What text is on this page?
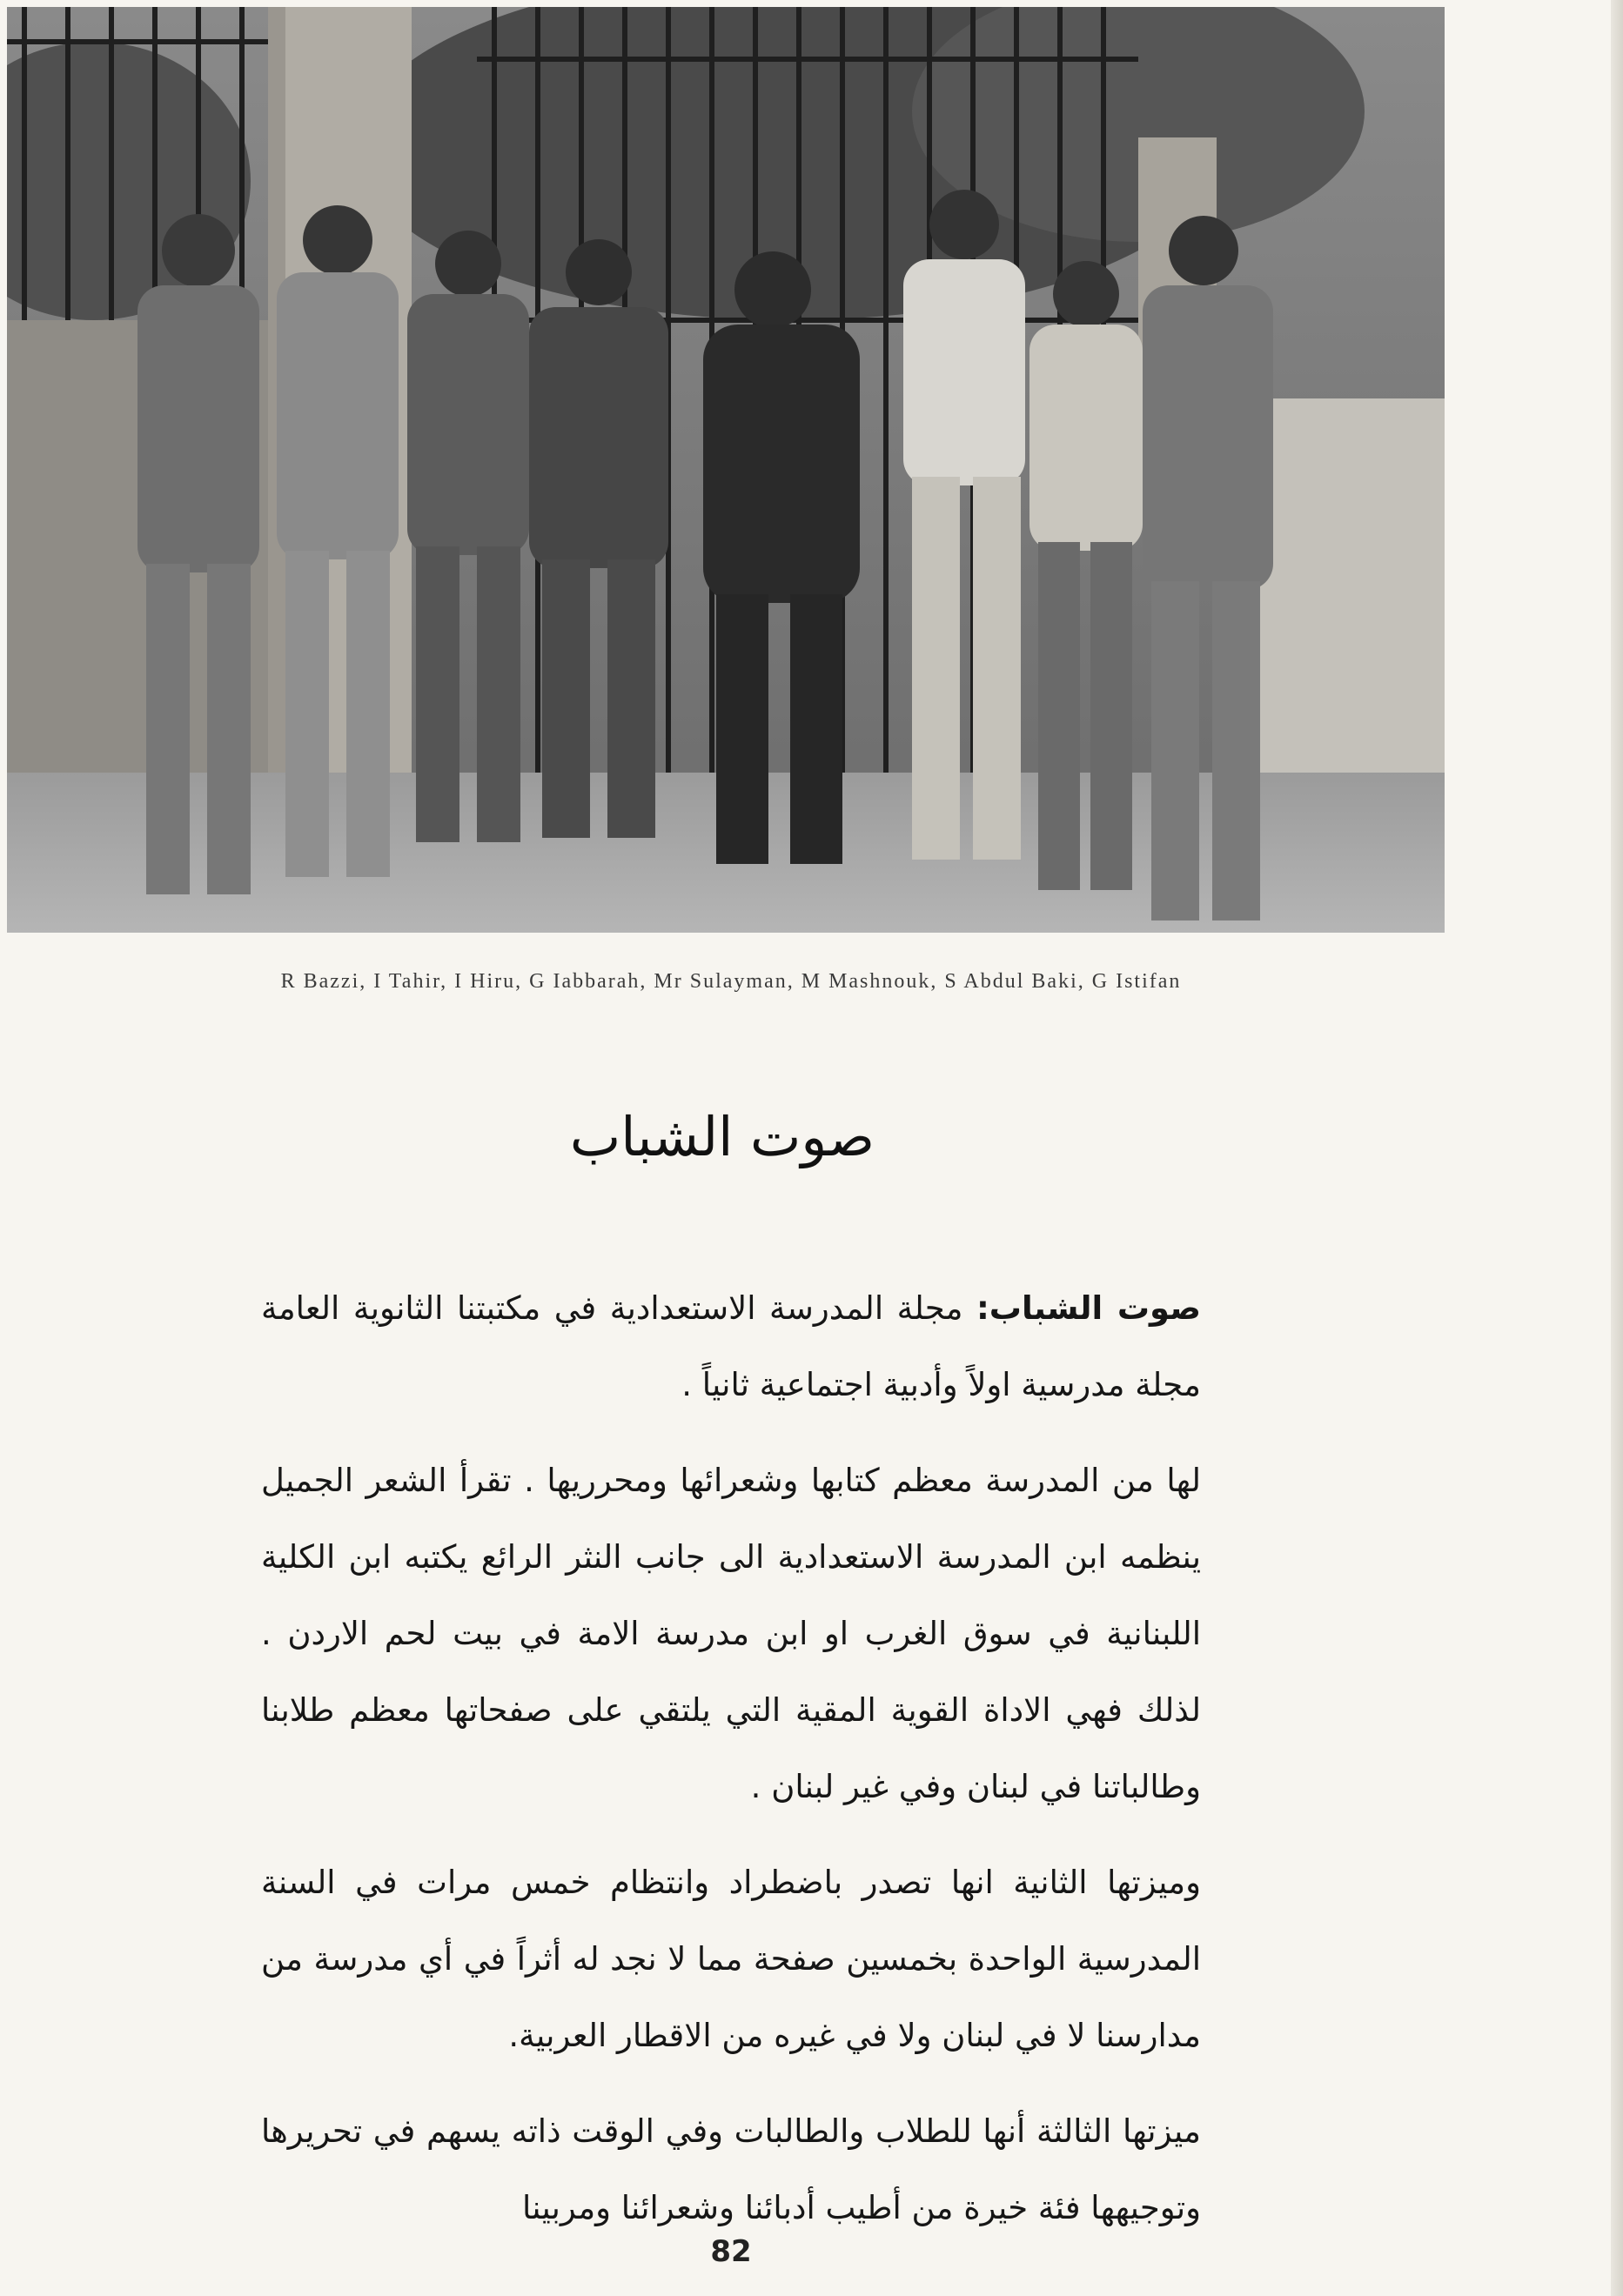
R Bazzi, I Tahir, I Hiru, G Iabbarah, Mr Sulayman, M Mashnouk, S Abdul Baki, G Istifan
صوت الشباب

صوت الشباب: مجلة المدرسة الاستعدادية في مكتبتنا الثانوية العامة مجلة مدرسية اولاً وأدبية اجتماعية ثانياً .

لها من المدرسة معظم كتابها وشعرائها ومحرريها . تقرأ الشعر الجميل ينظمه ابن المدرسة الاستعدادية الى جانب النثر الرائع يكتبه ابن الكلية اللبنانية في سوق الغرب او ابن مدرسة الامة في بيت لحم الاردن . لذلك فهي الاداة القوية المقية التي يلتقي على صفحاتها معظم طلابنا وطالباتنا في لبنان وفي غير لبنان .

وميزتها الثانية انها تصدر باضطراد وانتظام خمس مرات في السنة المدرسية الواحدة بخمسين صفحة مما لا نجد له أثراً في أي مدرسة من مدارسنا لا في لبنان ولا في غيره من الاقطار العربية.

ميزتها الثالثة أنها للطلاب والطالبات وفي الوقت ذاته يسهم في تحريرها وتوجيهها فئة خيرة من أطيب أدبائنا وشعرائنا ومربينا

82
